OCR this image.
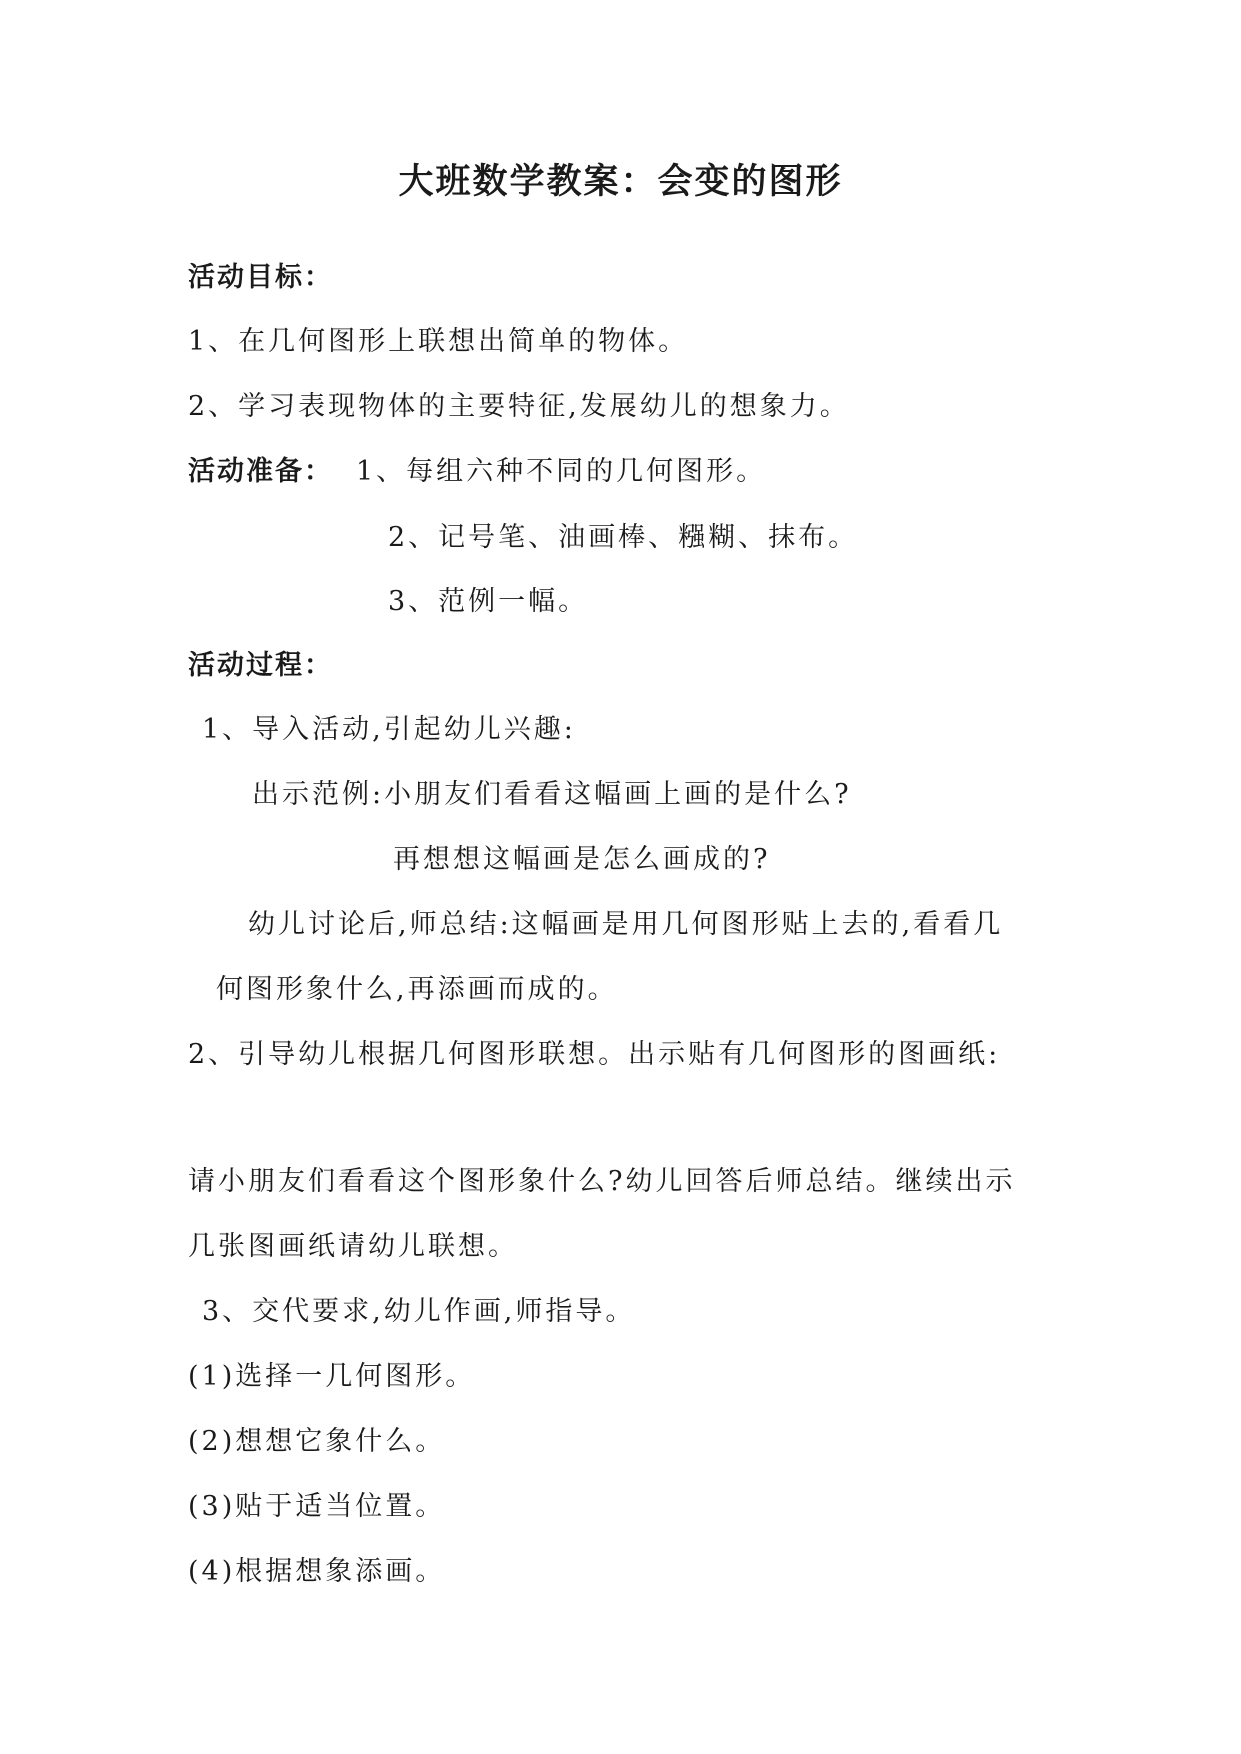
大班数学教案：会变的图形
活动目标：
1、在几何图形上联想出简单的物体。
2、学习表现物体的主要特征,发展幼儿的想象力。
活动准备： 1、每组六种不同的几何图形。
2、记号笔、油画棒、糨糊、抹布。
3、范例一幅。
活动过程：
1、导入活动,引起幼儿兴趣:
出示范例:小朋友们看看这幅画上画的是什么?
再想想这幅画是怎么画成的?
幼儿讨论后,师总结:这幅画是用几何图形贴上去的,看看几
何图形象什么,再添画而成的。
2、引导幼儿根据几何图形联想。出示贴有几何图形的图画纸:
请小朋友们看看这个图形象什么?幼儿回答后师总结。继续出示
几张图画纸请幼儿联想。
3、交代要求,幼儿作画,师指导。
(1)选择一几何图形。
(2)想想它象什么。
(3)贴于适当位置。
(4)根据想象添画。
